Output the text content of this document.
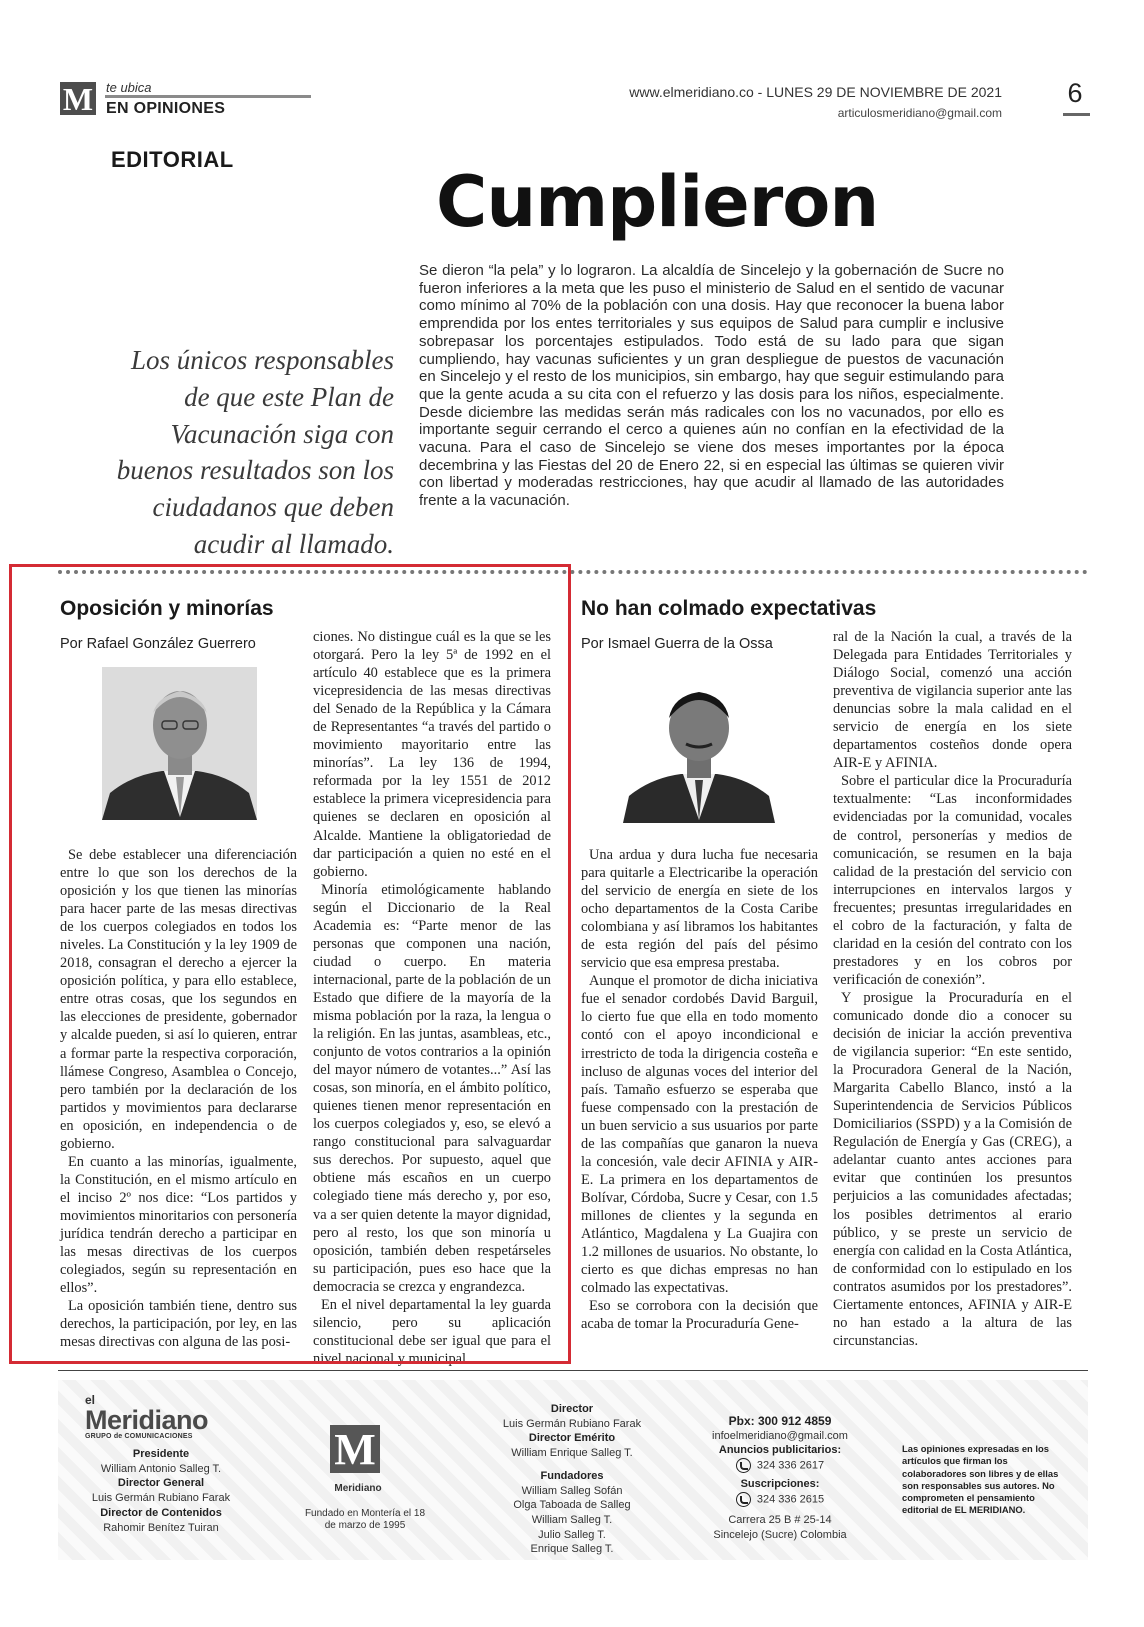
M te ubica
EN OPINIONES
www.elmeridiano.co - LUNES 29 DE NOVIEMBRE DE 2021
articulosmeridiano@gmail.com
6
EDITORIAL
Cumplieron
Los únicos responsables de que este Plan de Vacunación siga con buenos resultados son los ciudadanos que deben acudir al llamado.
Se dieron “la pela” y lo lograron. La alcaldía de Sincelejo y la gobernación de Sucre no fueron inferiores a la meta que les puso el ministerio de Salud en el sentido de vacunar como mínimo al 70% de la población con una dosis. Hay que reconocer la buena labor emprendida por los entes territoriales y sus equipos de Salud para cumplir e inclusive sobrepasar los porcentajes estipulados. Todo está de su lado para que sigan cumpliendo, hay vacunas suficientes y un gran despliegue de puestos de vacunación en Sincelejo y el resto de los municipios, sin embargo, hay que seguir estimulando para que la gente acuda a su cita con el refuerzo y las dosis para los niños, especialmente. Desde diciembre las medidas serán más radicales con los no vacunados, por ello es importante seguir cerrando el cerco a quienes aún no confían en la efectividad de la vacuna. Para el caso de Sincelejo se viene dos meses importantes por la época decembrina y las Fiestas del 20 de Enero 22, si en especial las últimas se quieren vivir con libertad y moderadas restricciones, hay que acudir al llamado de las autoridades frente a la vacunación.
Oposición y minorías
Por Rafael González Guerrero

Se debe establecer una diferenciación entre lo que son los derechos de la oposición y los que tienen las minorías para hacer parte de las mesas directivas de los cuerpos colegiados en todos los niveles. La Constitución y la ley 1909 de 2018, consagran el derecho a ejercer la oposición política, y para ello establece, entre otras cosas, que los segundos en las elecciones de presidente, gobernador y alcalde pueden, si así lo quieren, entrar a formar parte la respectiva corporación, llámese Congreso, Asamblea o Concejo, pero también por la declaración de los partidos y movimientos para declararse en oposición, en independencia o de gobierno.

En cuanto a las minorías, igualmente, la Constitución, en el mismo artículo en el inciso 2º nos dice: “Los partidos y movimientos minoritarios con personería jurídica tendrán derecho a participar en las mesas directivas de los cuerpos colegiados, según su representación en ellos”.

La oposición también tiene, dentro sus derechos, la participación, por ley, en las mesas directivas con alguna de las posi-

ciones. No distingue cuál es la que se les otorgará. Pero la ley 5ª de 1992 en el artículo 40 establece que es la primera vicepresidencia de las mesas directivas del Senado de la República y la Cámara de Representantes “a través del partido o movimiento mayoritario entre las minorías”. La ley 136 de 1994, reformada por la ley 1551 de 2012 establece la primera vicepresidencia para quienes se declaren en oposición al Alcalde. Mantiene la obligatoriedad de dar participación a quien no esté en el gobierno.

Minoría etimológicamente hablando según el Diccionario de la Real Academia es: “Parte menor de las personas que componen una nación, ciudad o cuerpo. En materia internacional, parte de la población de un Estado que difiere de la mayoría de la misma población por la raza, la lengua o la religión. En las juntas, asambleas, etc., conjunto de votos contrarios a la opinión del mayor número de votantes...” Así las cosas, son minoría, en el ámbito político, quienes tienen menor representación en los cuerpos colegiados y, eso, se elevó a rango constitucional para salvaguardar sus derechos. Por supuesto, aquel que obtiene más escaños en un cuerpo colegiado tiene más derecho y, por eso, va a ser quien detente la mayor dignidad, pero al resto, los que son minoría u oposición, también deben respetárseles su participación, pues eso hace que la democracia se crezca y engrandezca.

En el nivel departamental la ley guarda silencio, pero su aplicación constitucional debe ser igual que para el nivel nacional y municipal.

No han colmado expectativas
Por Ismael Guerra de la Ossa

Una ardua y dura lucha fue necesaria para quitarle a Electricaribe la operación del servicio de energía en siete de los ocho departamentos de la Costa Caribe colombiana y así libramos los habitantes de esta región del país del pésimo servicio que esa empresa prestaba.

Aunque el promotor de dicha iniciativa fue el senador cordobés David Barguil, lo cierto fue que ella en todo momento contó con el apoyo incondicional e irrestricto de toda la dirigencia costeña e incluso de algunas voces del interior del país. Tamaño esfuerzo se esperaba que fuese compensado con la prestación de un buen servicio a sus usuarios por parte de las compañías que ganaron la nueva la concesión, vale decir AFINIA y AIR-E. La primera en los departamentos de Bolívar, Córdoba, Sucre y Cesar, con 1.5 millones de clientes y la segunda en Atlántico, Magdalena y La Guajira con 1.2 millones de usuarios. No obstante, lo cierto es que dichas empresas no han colmado las expectativas.

Eso se corrobora con la decisión que acaba de tomar la Procuraduría Gene-

ral de la Nación la cual, a través de la Delegada para Entidades Territoriales y Diálogo Social, comenzó una acción preventiva de vigilancia superior ante las denuncias sobre la mala calidad en el servicio de energía en los siete departamentos costeños donde opera AIR-E y AFINIA.

Sobre el particular dice la Procuraduría textualmente: “Las inconformidades evidenciadas por la comunidad, vocales de control, personerías y medios de comunicación, se resumen en la baja calidad de la prestación del servicio con interrupciones en intervalos largos y frecuentes; presuntas irregularidades en el cobro de la facturación, y falta de claridad en la cesión del contrato con los prestadores y en los cobros por verificación de conexión”.

Y prosigue la Procuraduría en el comunicado donde dio a conocer su decisión de iniciar la acción preventiva de vigilancia superior: “En este sentido, la Procuradora General de la Nación, Margarita Cabello Blanco, instó a la Superintendencia de Servicios Públicos Domiciliarios (SSPD) y a la Comisión de Regulación de Energía y Gas (CREG), a adelantar cuanto antes acciones para evitar que continúen los presuntos perjuicios a las comunidades afectadas; los posibles detrimentos al erario público, y se preste un servicio de energía con calidad en la Costa Atlántica, de conformidad con lo estipulado en los contratos asumidos por los prestadores”. Ciertamente entonces, AFINIA y AIR-E no han estado a la altura de las circunstancias.

el
Meridiano
GRUPO de COMUNICACIONES
Presidente
William Antonio Salleg T.
Director General
Luis Germán Rubiano Farak
Director de Contenidos
Rahomir Benítez Tuiran
M
Meridiano
Fundado en Montería el 18 de marzo de 1995
Director
Luis Germán Rubiano Farak
Director Emérito
William Enrique Salleg T.
Fundadores
William Salleg Sofán
Olga Taboada de Salleg
William Salleg T.
Julio Salleg T.
Enrique Salleg T.
Pbx: 300 912 4859
infoelmeridiano@gmail.com
Anuncios publicitarios:
324 336 2617
Suscripciones:
324 336 2615
Carrera 25 B # 25-14
Sincelejo (Sucre) Colombia
Las opiniones expresadas en los artículos que firman los colaboradores son libres y de ellas son responsables sus autores. No comprometen el pensamiento editorial de EL MERIDIANO.
